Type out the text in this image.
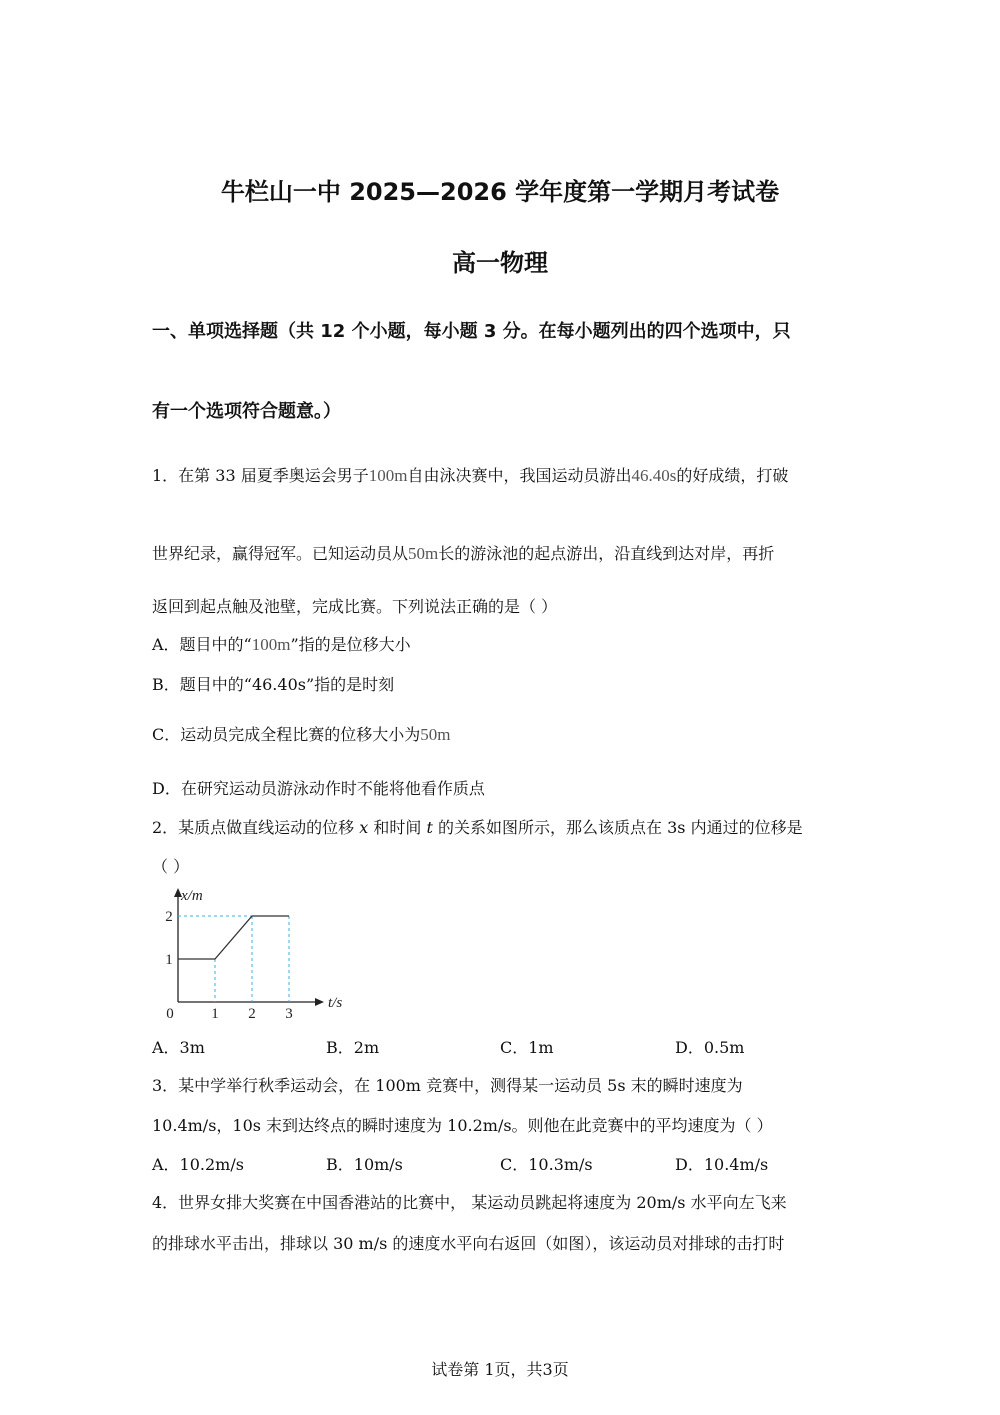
牛栏山一中 2025—2026 学年度第一学期月考试卷
高一物理
一、单项选择题（共 12 个小题，每小题 3 分。在每小题列出的四个选项中，只
有一个选项符合题意。）
1．在第 33 届夏季奥运会男子100m自由泳决赛中，我国运动员游出46.40s的好成绩，打破
世界纪录，赢得冠军。已知运动员从50m长的游泳池的起点游出，沿直线到达对岸，再折
返回到起点触及池壁，完成比赛。下列说法正确的是（ ）
A．题目中的“100m”指的是位移大小
B．题目中的“46.40s”指的是时刻
C．运动员完成全程比赛的位移大小为50m
D．在研究运动员游泳动作时不能将他看作质点
2．某质点做直线运动的位移 x 和时间 t 的关系如图所示，那么该质点在 3s 内通过的位移是
（ ）
0	1 2 3
1
2
t/s
x/m
A．3m	B．2m	C．1m	D．0.5m
3．某中学举行秋季运动会，在 100m 竞赛中，测得某一运动员 5s 末的瞬时速度为
10.4m/s，10s 末到达终点的瞬时速度为 10.2m/s。则他在此竞赛中的平均速度为（ ）
A．10.2m/s	B．10m/s	C．10.3m/s	D．10.4m/s
4．世界女排大奖赛在中国香港站的比赛中， 某运动员跳起将速度为 20m/s 水平向左飞来
的排球水平击出，排球以 30 m/s 的速度水平向右返回（如图），该运动员对排球的击打时
试卷第 1页，共3页
